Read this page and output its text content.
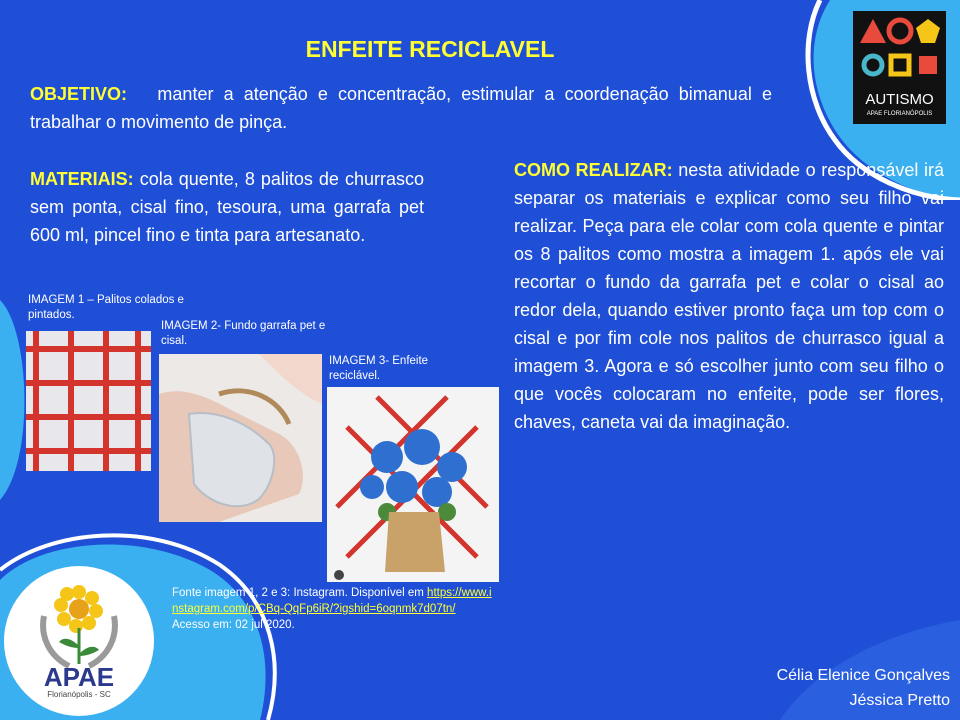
AUTISMO
APAE FLORIANÓPOLIS
ENFEITE RECICLAVEL
OBJETIVO: manter a atenção e concentração, estimular a coordenação bimanual e trabalhar o movimento de pinça.
MATERIAIS: cola quente, 8 palitos de churrasco sem ponta, cisal fino, tesoura, uma garrafa pet 600 ml, pincel fino e tinta para artesanato.
COMO REALIZAR: nesta atividade o responsável irá separar os materiais e explicar como seu filho vai realizar. Peça para ele colar com cola quente e pintar os 8 palitos como mostra a imagem 1. após ele vai recortar o fundo da garrafa pet e colar o cisal ao redor dela, quando estiver pronto faça um top com o cisal e por fim cole nos palitos de churrasco igual a imagem 3. Agora e só escolher junto com seu filho o que vocês colocaram no enfeite, pode ser flores, chaves, caneta vai da imaginação.
IMAGEM 1 – Palitos colados e pintados.
IMAGEM 2- Fundo garrafa pet e cisal.
IMAGEM 3- Enfeite reciclável.
Fonte imagem 1, 2 e 3: Instagram. Disponível em https://www.instagram.com/p/CBq-QqFp6iR/?igshid=6oqnmk7d07tn/ Acesso em: 02 jul 2020.
APAE
Florianópolis - SC
Célia Elenice Gonçalves
Jéssica Pretto
